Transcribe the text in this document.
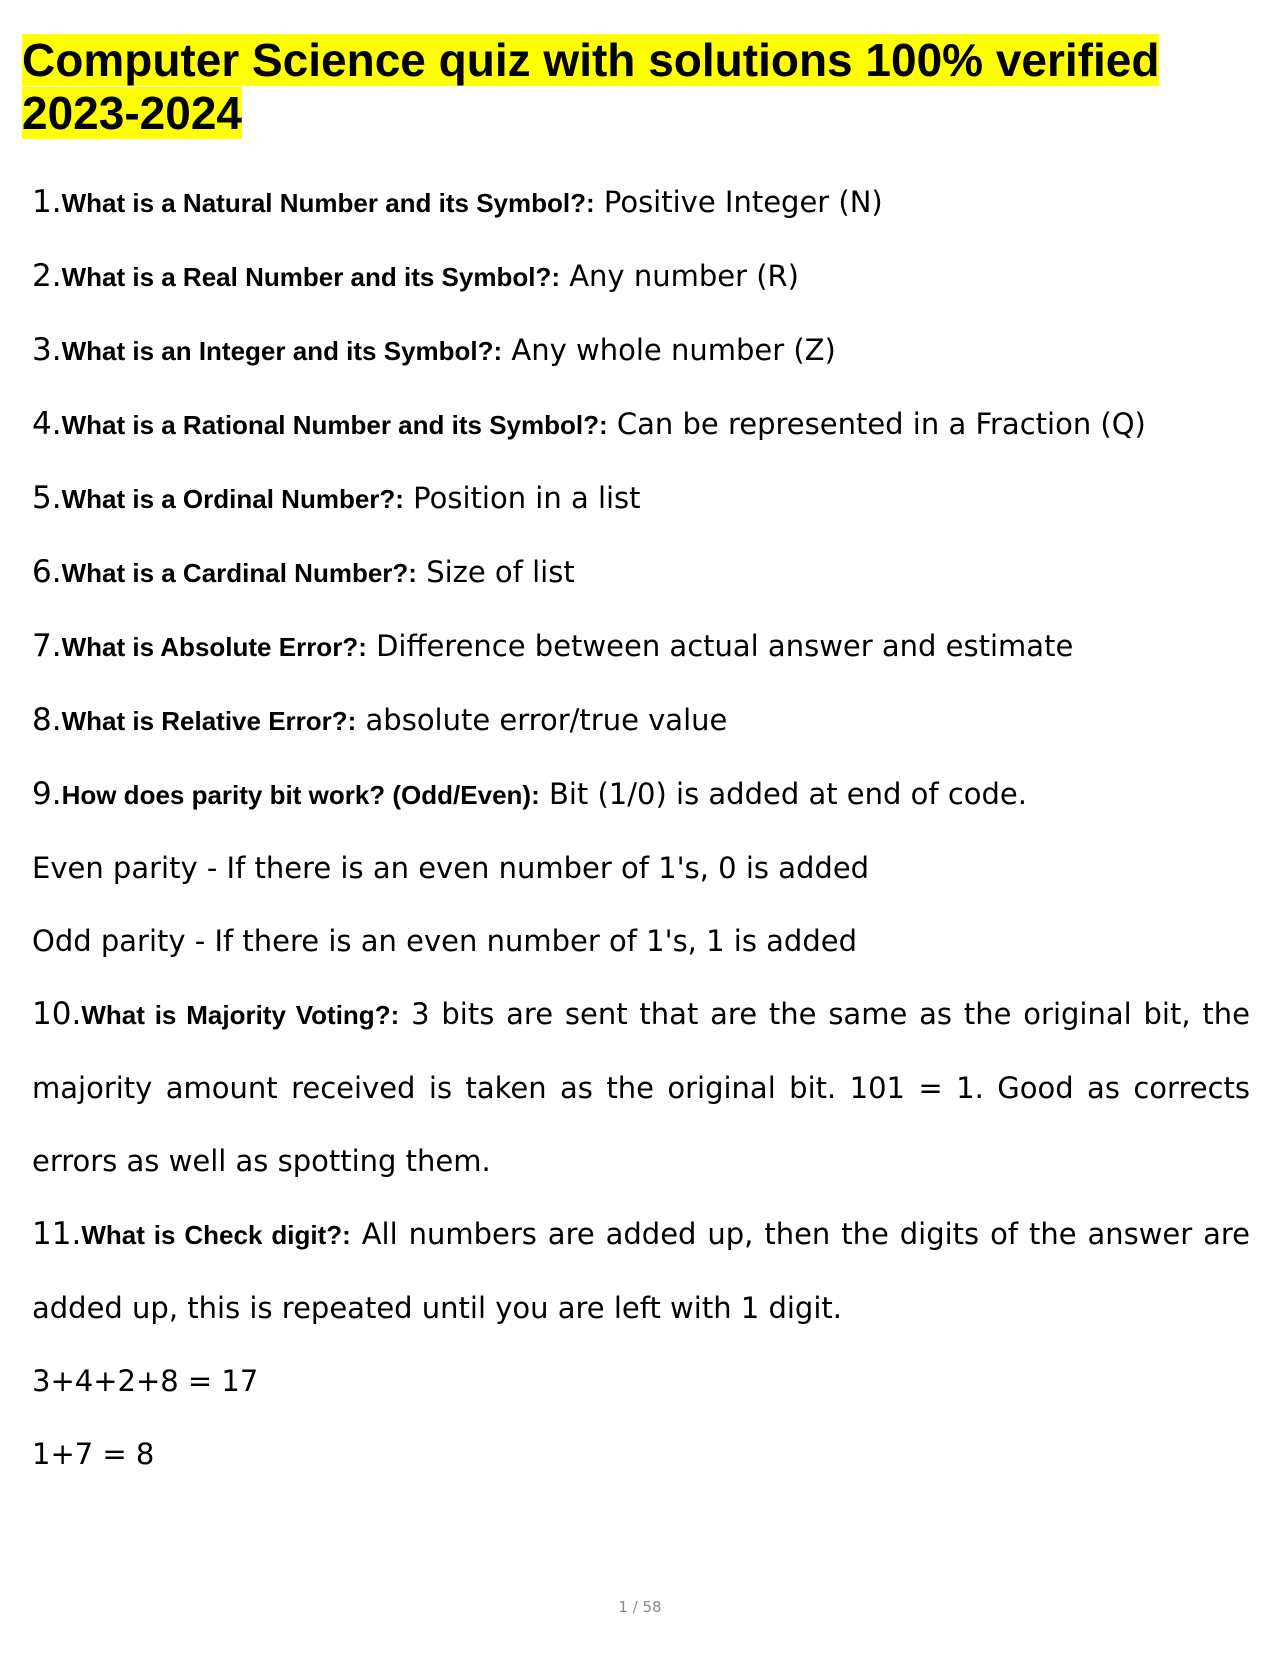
Computer Science quiz with solutions 100% verified 2023-2024

1.What is a Natural Number and its Symbol?: Positive Integer (N)

2.What is a Real Number and its Symbol?: Any number (R)

3.What is an Integer and its Symbol?: Any whole number (Z)

4.What is a Rational Number and its Symbol?: Can be represented in a Fraction (Q)

5.What is a Ordinal Number?: Position in a list

6.What is a Cardinal Number?: Size of list

7.What is Absolute Error?: Difference between actual answer and estimate

8.What is Relative Error?: absolute error/true value

9.How does parity bit work? (Odd/Even): Bit (1/0) is added at end of code.

Even parity - If there is an even number of 1's, 0 is added

Odd parity - If there is an even number of 1's, 1 is added

10.What is Majority Voting?: 3 bits are sent that are the same as the original bit, the majority amount received is taken as the original bit. 101 = 1. Good as corrects errors as well as spotting them.

11.What is Check digit?: All numbers are added up, then the digits of the answer are added up, this is repeated until you are left with 1 digit.

3+4+2+8 = 17

1+7 = 8

1 / 58
